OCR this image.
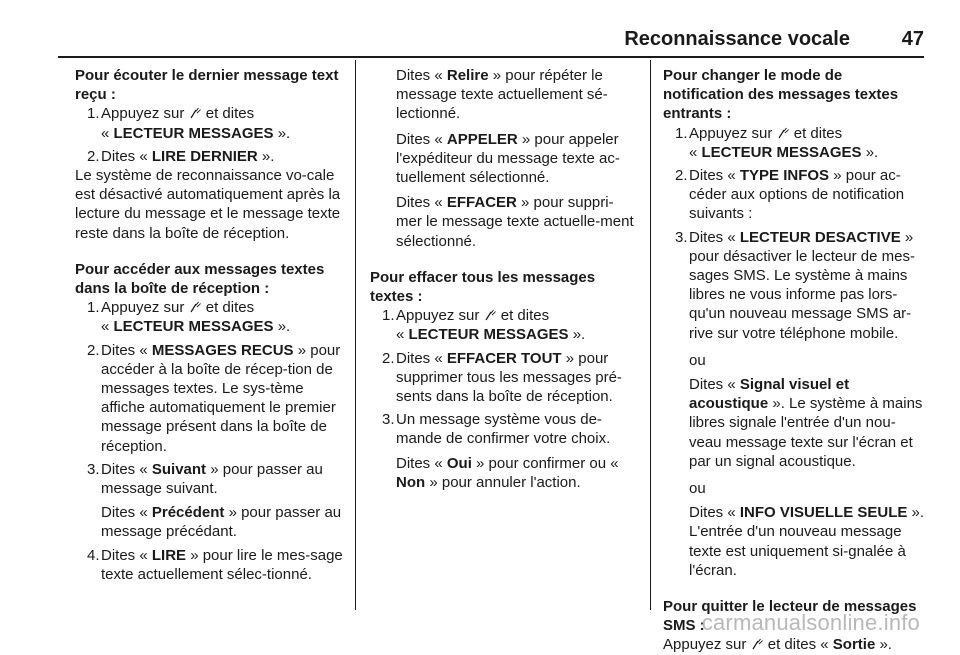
Reconnaissance vocale	47

Pour écouter le dernier message text reçu :

1. Appuyez sur et dites
« LECTEUR MESSAGES ».
2. Dites « LIRE DERNIER ».

Le système de reconnaissance vo-cale est désactivé automatiquement après la lecture du message et le message texte reste dans la boîte de réception.

Pour accéder aux messages textes dans la boîte de réception :

1. Appuyez sur et dites
« LECTEUR MESSAGES ».
2. Dites « MESSAGES RECUS » pour accéder à la boîte de récep-tion de messages textes. Le sys-tème affiche automatiquement le premier message présent dans la boîte de réception.
3. Dites « Suivant » pour passer au message suivant.
Dites « Précédent » pour passer au message précédant.
4. Dites « LIRE » pour lire le mes-sage texte actuellement sélec-tionné.
Dites « Relire » pour répéter le message texte actuellement sé-lectionné.
Dites « APPELER » pour appeler l'expéditeur du message texte ac-tuellement sélectionné.
Dites « EFFACER » pour suppri-mer le message texte actuelle-ment sélectionné.

Pour effacer tous les messages textes :

1. Appuyez sur et dites
« LECTEUR MESSAGES ».
2. Dites « EFFACER TOUT » pour supprimer tous les messages pré-sents dans la boîte de réception.
3. Un message système vous de-mande de confirmer votre choix.
Dites « Oui » pour confirmer ou « Non » pour annuler l'action.

Pour changer le mode de notification des messages textes entrants :

1. Appuyez sur et dites
« LECTEUR MESSAGES ».
2. Dites « TYPE INFOS » pour ac-céder aux options de notification suivants :
3. Dites « LECTEUR DESACTIVE » pour désactiver le lecteur de mes-sages SMS. Le système à mains libres ne vous informe pas lors-qu'un nouveau message SMS ar-rive sur votre téléphone mobile.
ou
Dites « Signal visuel et acoustique ». Le système à mains libres signale l'entrée d'un nou-veau message texte sur l'écran et par un signal acoustique.
ou
Dites « INFO VISUELLE SEULE ». L'entrée d'un nouveau message texte est uniquement si-gnalée à l'écran.

Pour quitter le lecteur de messages SMS :

Appuyez sur et dites « Sortie ».

carmanualsonline.info
